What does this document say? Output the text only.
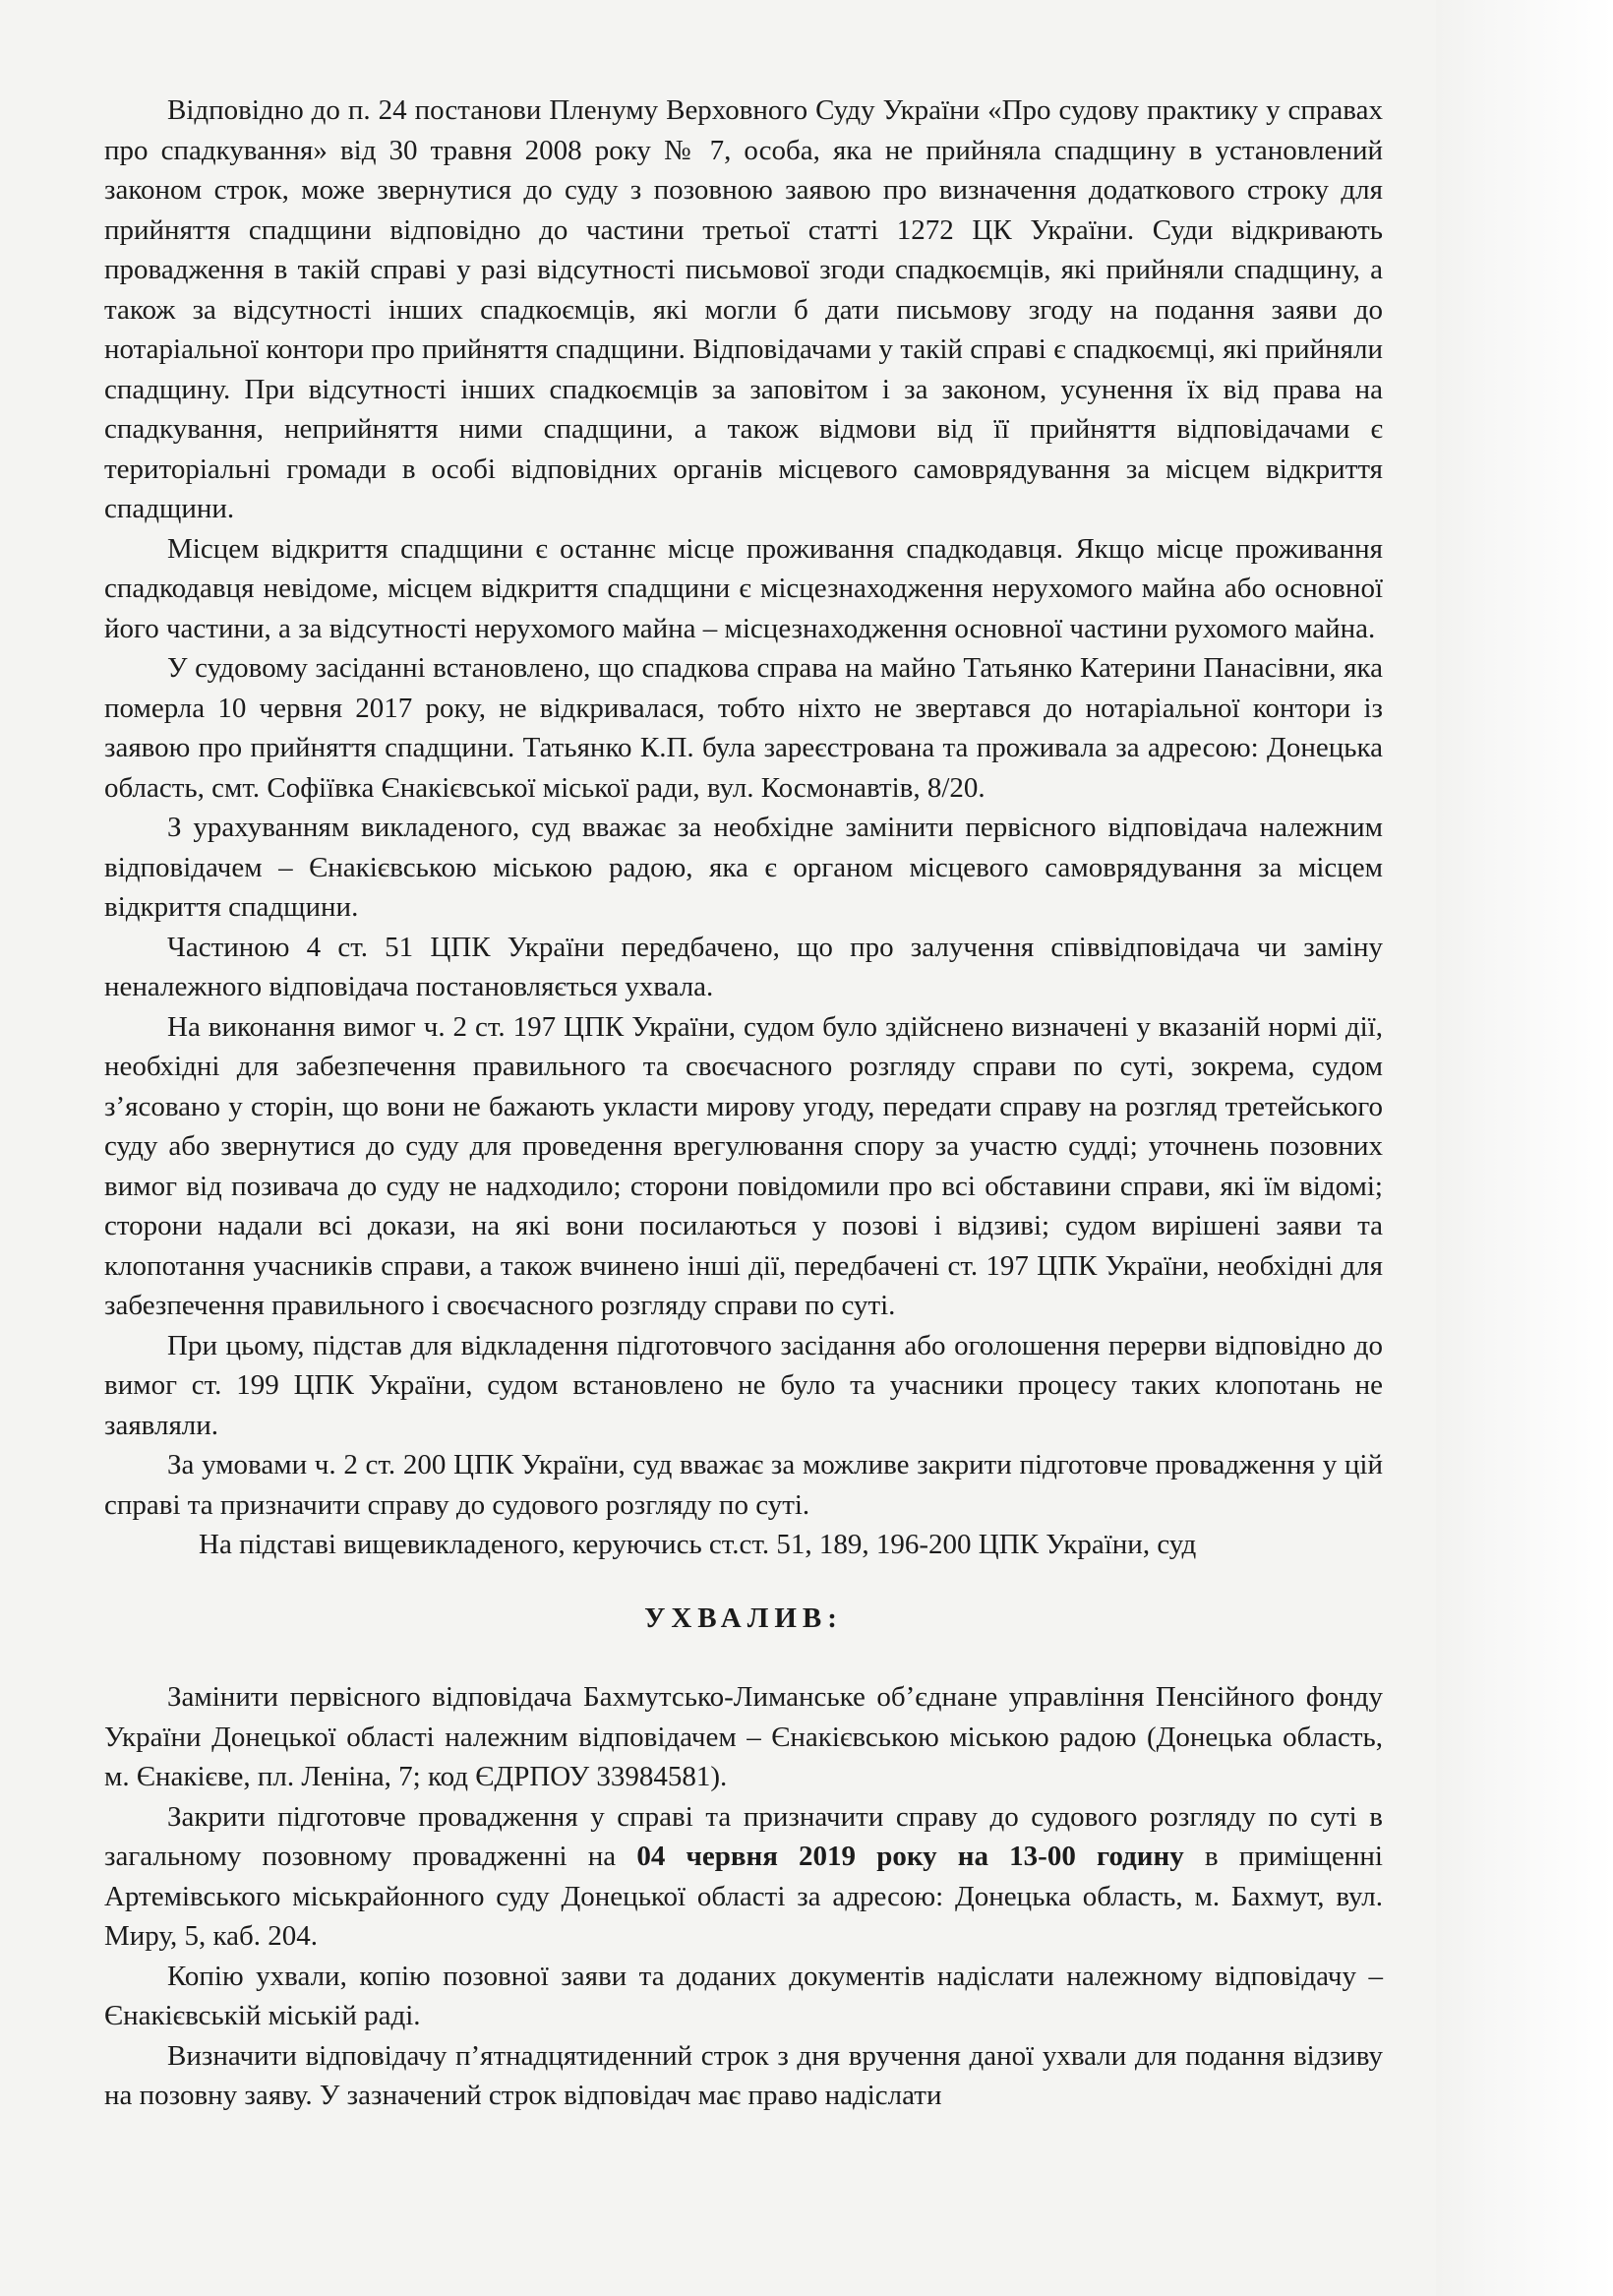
Відповідно до п. 24 постанови Пленуму Верховного Суду України «Про судову практику у справах про спадкування» від 30 травня 2008 року № 7, особа, яка не прийняла спадщину в установлений законом строк, може звернутися до суду з позовною заявою про визначення додаткового строку для прийняття спадщини відповідно до частини третьої статті 1272 ЦК України. Суди відкривають провадження в такій справі у разі відсутності письмової згоди спадкоємців, які прийняли спадщину, а також за відсутності інших спадкоємців, які могли б дати письмову згоду на подання заяви до нотаріальної контори про прийняття спадщини. Відповідачами у такій справі є спадкоємці, які прийняли спадщину. При відсутності інших спадкоємців за заповітом і за законом, усунення їх від права на спадкування, неприйняття ними спадщини, а також відмови від її прийняття відповідачами є територіальні громади в особі відповідних органів місцевого самоврядування за місцем відкриття спадщини.

Місцем відкриття спадщини є останнє місце проживання спадкодавця. Якщо місце проживання спадкодавця невідоме, місцем відкриття спадщини є місцезнаходження нерухомого майна або основної його частини, а за відсутності нерухомого майна – місцезнаходження основної частини рухомого майна.

У судовому засіданні встановлено, що спадкова справа на майно Татьянко Катерини Панасівни, яка померла 10 червня 2017 року, не відкривалася, тобто ніхто не звертався до нотаріальної контори із заявою про прийняття спадщини. Татьянко К.П. була зареєстрована та проживала за адресою: Донецька область, смт. Софіївка Єнакієвської міської ради, вул. Космонавтів, 8/20.

З урахуванням викладеного, суд вважає за необхідне замінити первісного відповідача належним відповідачем – Єнакієвською міською радою, яка є органом місцевого самоврядування за місцем відкриття спадщини.

Частиною 4 ст. 51 ЦПК України передбачено, що про залучення співвідповідача чи заміну неналежного відповідача постановляється ухвала.

На виконання вимог ч. 2 ст. 197 ЦПК України, судом було здійснено визначені у вказаній нормі дії, необхідні для забезпечення правильного та своєчасного розгляду справи по суті, зокрема, судом з’ясовано у сторін, що вони не бажають укласти мирову угоду, передати справу на розгляд третейського суду або звернутися до суду для проведення врегулювання спору за участю судді; уточнень позовних вимог від позивача до суду не надходило; сторони повідомили про всі обставини справи, які їм відомі; сторони надали всі докази, на які вони посилаються у позові і відзиві; судом вирішені заяви та клопотання учасників справи, а також вчинено інші дії, передбачені ст. 197 ЦПК України, необхідні для забезпечення правильного і своєчасного розгляду справи по суті.

При цьому, підстав для відкладення підготовчого засідання або оголошення перерви відповідно до вимог ст. 199 ЦПК України, судом встановлено не було та учасники процесу таких клопотань не заявляли.

За умовами ч. 2 ст. 200 ЦПК України, суд вважає за можливе закрити підготовче провадження у цій справі та призначити справу до судового розгляду по суті.

На підставі вищевикладеного, керуючись ст.ст. 51, 189, 196-200 ЦПК України, суд

УХВАЛИВ:

Замінити первісного відповідача Бахмутсько-Лиманське об’єднане управління Пенсійного фонду України Донецької області належним відповідачем – Єнакієвською міською радою (Донецька область, м. Єнакієве, пл. Леніна, 7; код ЄДРПОУ 33984581).

Закрити підготовче провадження у справі та призначити справу до судового розгляду по суті в загальному позовному провадженні на 04 червня 2019 року на 13-00 годину в приміщенні Артемівського міськрайонного суду Донецької області за адресою: Донецька область, м. Бахмут, вул. Миру, 5, каб. 204.

Копію ухвали, копію позовної заяви та доданих документів надіслати належному відповідачу – Єнакієвській міській раді.

Визначити відповідачу п’ятнадцятиденний строк з дня вручення даної ухвали для подання відзиву на позовну заяву. У зазначений строк відповідач має право надіслати
